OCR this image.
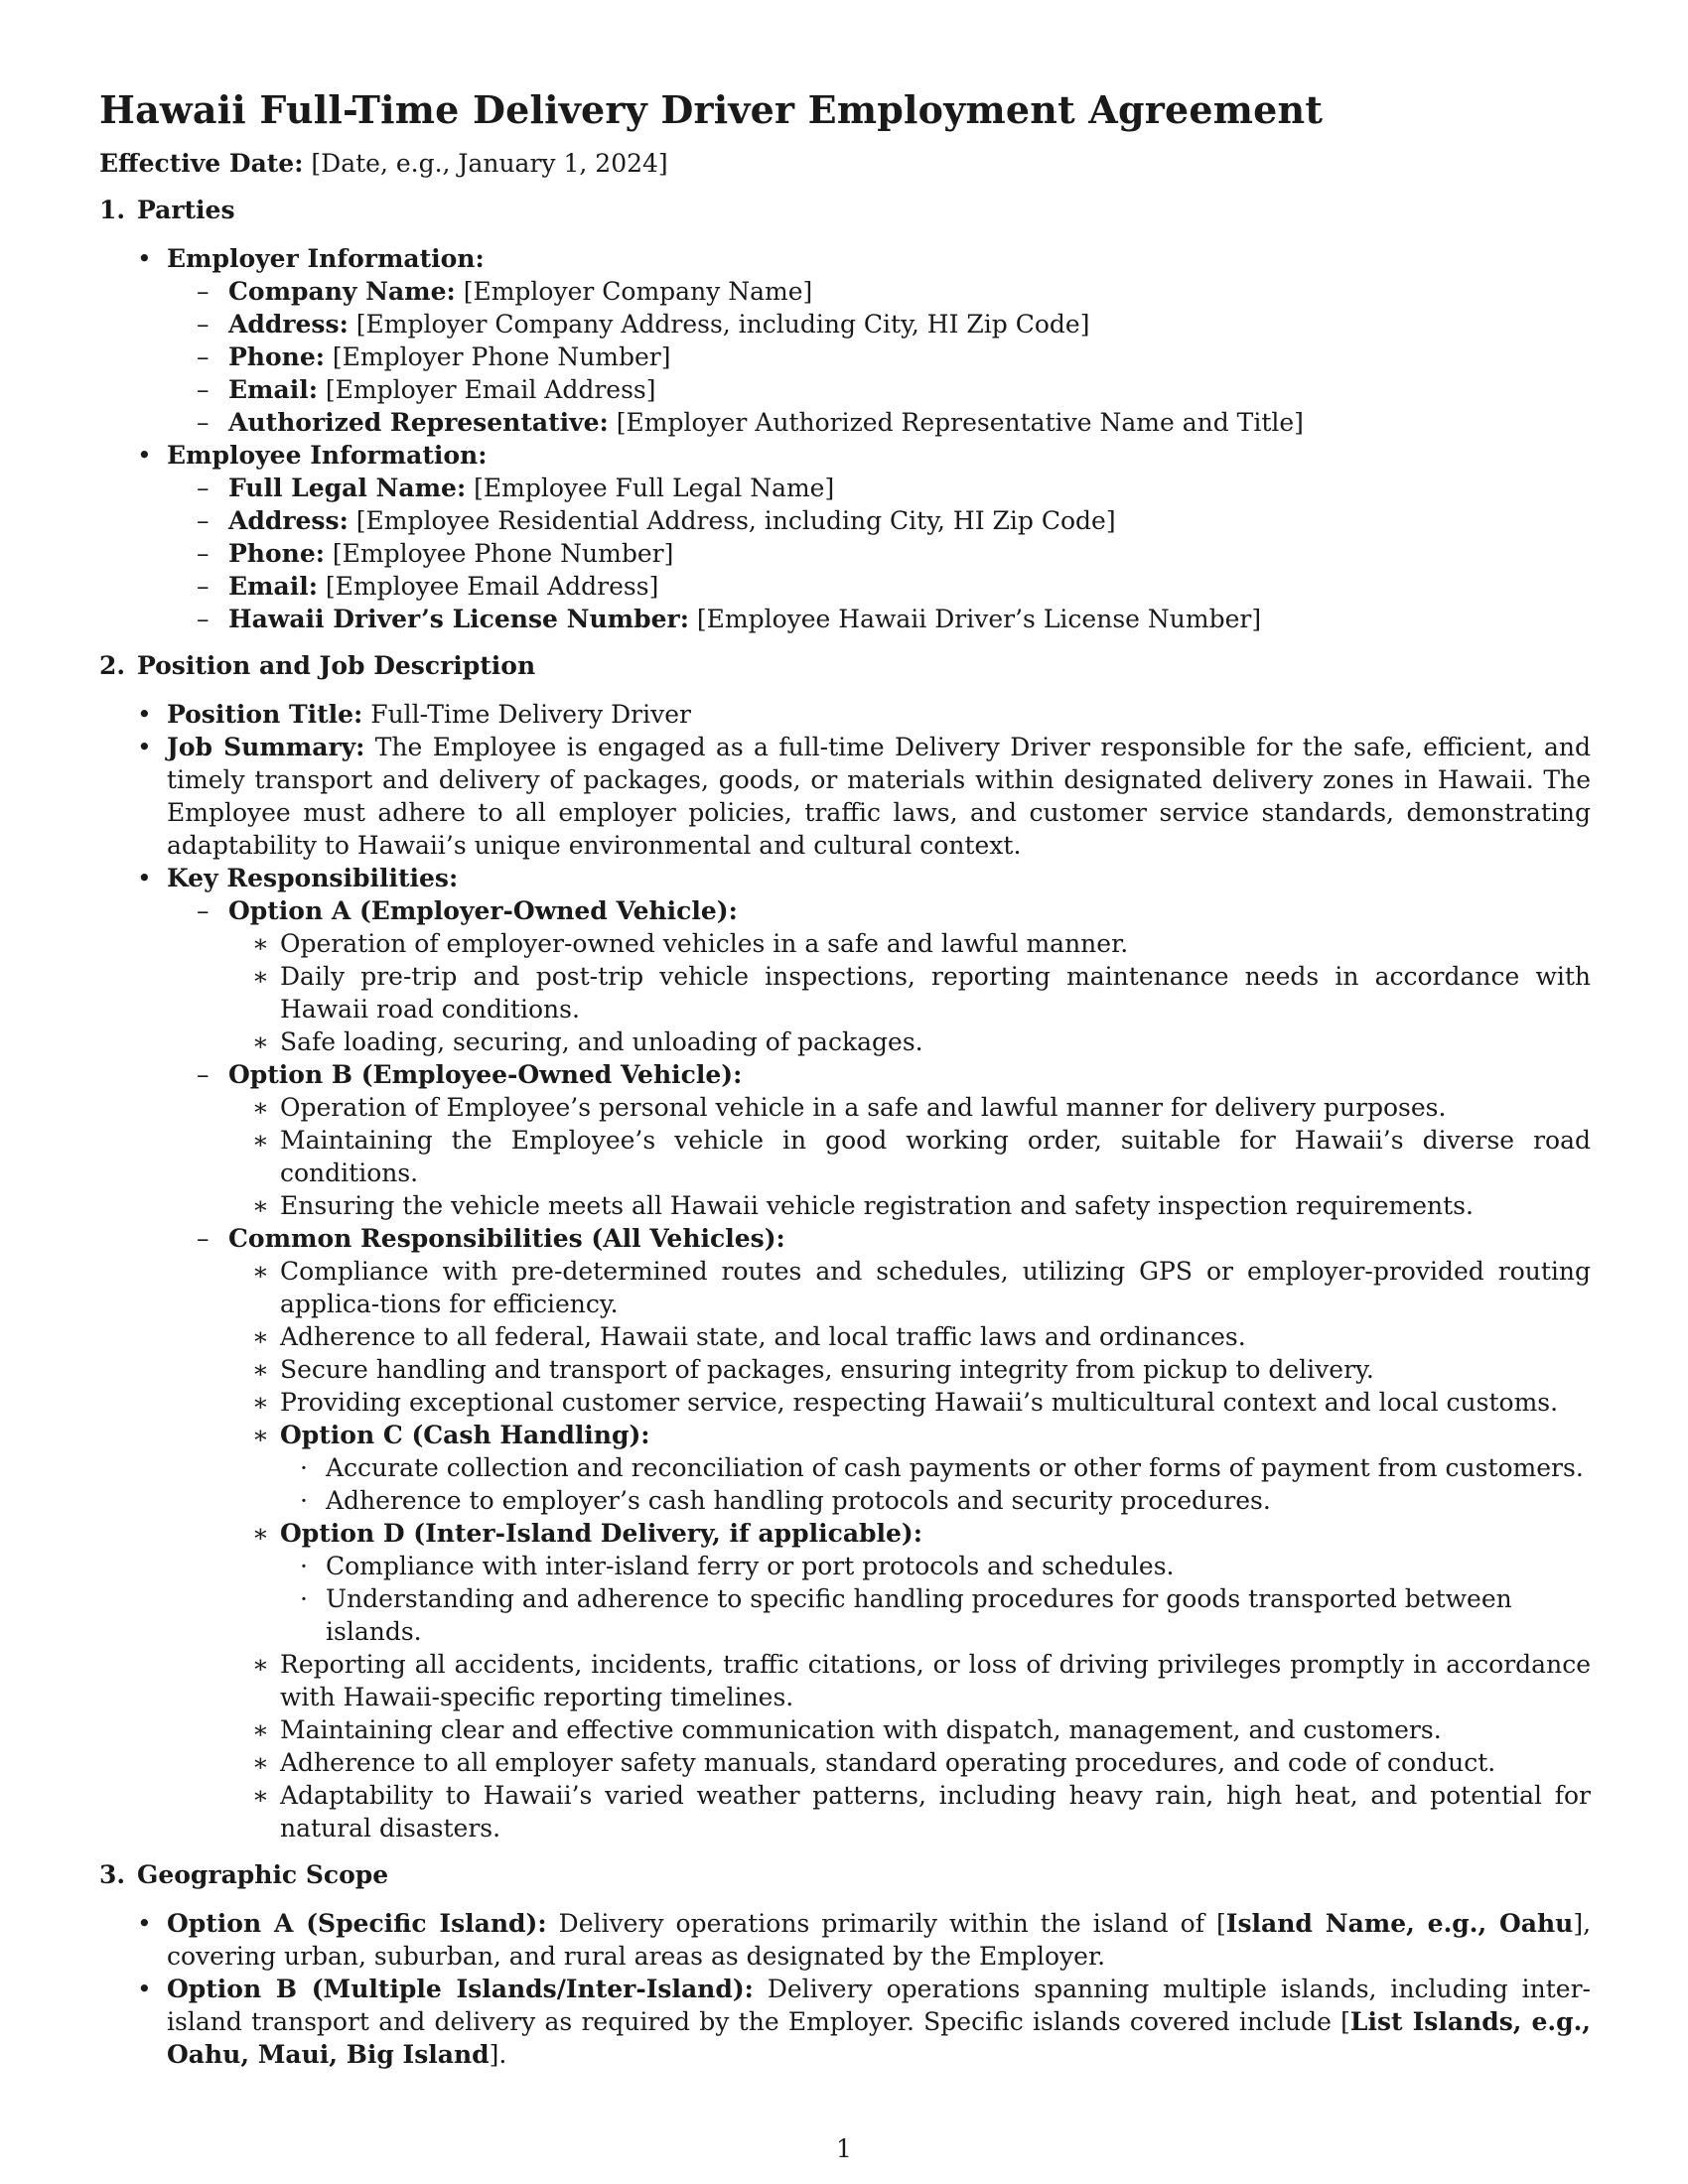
Hawaii Full-Time Delivery Driver Employment Agreement

Effective Date: [Date, e.g., January 1, 2024]

1. Parties
• Employer Information:
– Company Name: [Employer Company Name]
– Address: [Employer Company Address, including City, HI Zip Code]
– Phone: [Employer Phone Number]
– Email: [Employer Email Address]
– Authorized Representative: [Employer Authorized Representative Name and Title]
• Employee Information:
– Full Legal Name: [Employee Full Legal Name]
– Address: [Employee Residential Address, including City, HI Zip Code]
– Phone: [Employee Phone Number]
– Email: [Employee Email Address]
– Hawaii Driver’s License Number: [Employee Hawaii Driver’s License Number]
2. Position and Job Description
• Position Title: Full-Time Delivery Driver
• Job Summary: The Employee is engaged as a full-time Delivery Driver responsible for the safe, efficient, and timely transport and delivery of packages, goods, or materials within designated delivery zones in Hawaii. The Employee must adhere to all employer policies, traffic laws, and customer service standards, demonstrating adaptability to Hawaii’s unique environmental and cultural context.
• Key Responsibilities:
– Option A (Employer-Owned Vehicle):
∗ Operation of employer-owned vehicles in a safe and lawful manner.
∗ Daily pre-trip and post-trip vehicle inspections, reporting maintenance needs in accordance with Hawaii road conditions.
∗ Safe loading, securing, and unloading of packages.
– Option B (Employee-Owned Vehicle):
∗ Operation of Employee’s personal vehicle in a safe and lawful manner for delivery purposes.
∗ Maintaining the Employee’s vehicle in good working order, suitable for Hawaii’s diverse road conditions.
∗ Ensuring the vehicle meets all Hawaii vehicle registration and safety inspection requirements.
– Common Responsibilities (All Vehicles):
∗ Compliance with pre-determined routes and schedules, utilizing GPS or employer-provided routing applica-tions for efficiency.
∗ Adherence to all federal, Hawaii state, and local traffic laws and ordinances.
∗ Secure handling and transport of packages, ensuring integrity from pickup to delivery.
∗ Providing exceptional customer service, respecting Hawaii’s multicultural context and local customs.
∗ Option C (Cash Handling):
· Accurate collection and reconciliation of cash payments or other forms of payment from customers.
· Adherence to employer’s cash handling protocols and security procedures.
∗ Option D (Inter-Island Delivery, if applicable):
· Compliance with inter-island ferry or port protocols and schedules.
· Understanding and adherence to specific handling procedures for goods transported between islands.
∗ Reporting all accidents, incidents, traffic citations, or loss of driving privileges promptly in accordance with Hawaii-specific reporting timelines.
∗ Maintaining clear and effective communication with dispatch, management, and customers.
∗ Adherence to all employer safety manuals, standard operating procedures, and code of conduct.
∗ Adaptability to Hawaii’s varied weather patterns, including heavy rain, high heat, and potential for natural disasters.
3. Geographic Scope
• Option A (Specific Island): Delivery operations primarily within the island of [Island Name, e.g., Oahu], covering urban, suburban, and rural areas as designated by the Employer.
• Option B (Multiple Islands/Inter-Island): Delivery operations spanning multiple islands, including inter-island transport and delivery as required by the Employer. Specific islands covered include [List Islands, e.g., Oahu, Maui, Big Island].
1
